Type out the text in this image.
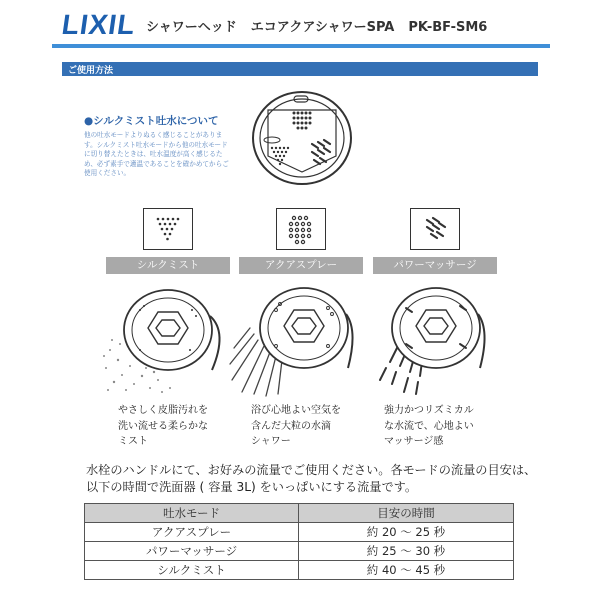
LIXIL シャワーヘッド エコアクアシャワーSPA PK-BF-SM6
ご使用方法
●シルクミスト吐水について
他の吐水モードよりぬるく感じることがあります。シルクミスト吐水モードから他の吐水モードに切り替えたときは、吐水温度が高く感じるため、必ず素手で適温であることを確かめてからご使用ください。
シルクミスト	アクアスプレー	パワーマッサージ
やさしく皮脂汚れを
洗い流せる柔らかな
ミスト
浴び心地よい空気を
含んだ大粒の水滴
シャワー
強力かつリズミカル
な水流で、心地よい
マッサージ感
水栓のハンドルにて、お好みの流量でご使用ください。各モードの流量の目安は、以下の時間で洗面器 ( 容量 3L) をいっぱいにする流量です。
吐水モード	目安の時間
アクアスプレー	約 20 ～ 25 秒
パワーマッサージ	約 25 ～ 30 秒
シルクミスト	約 40 ～ 45 秒
